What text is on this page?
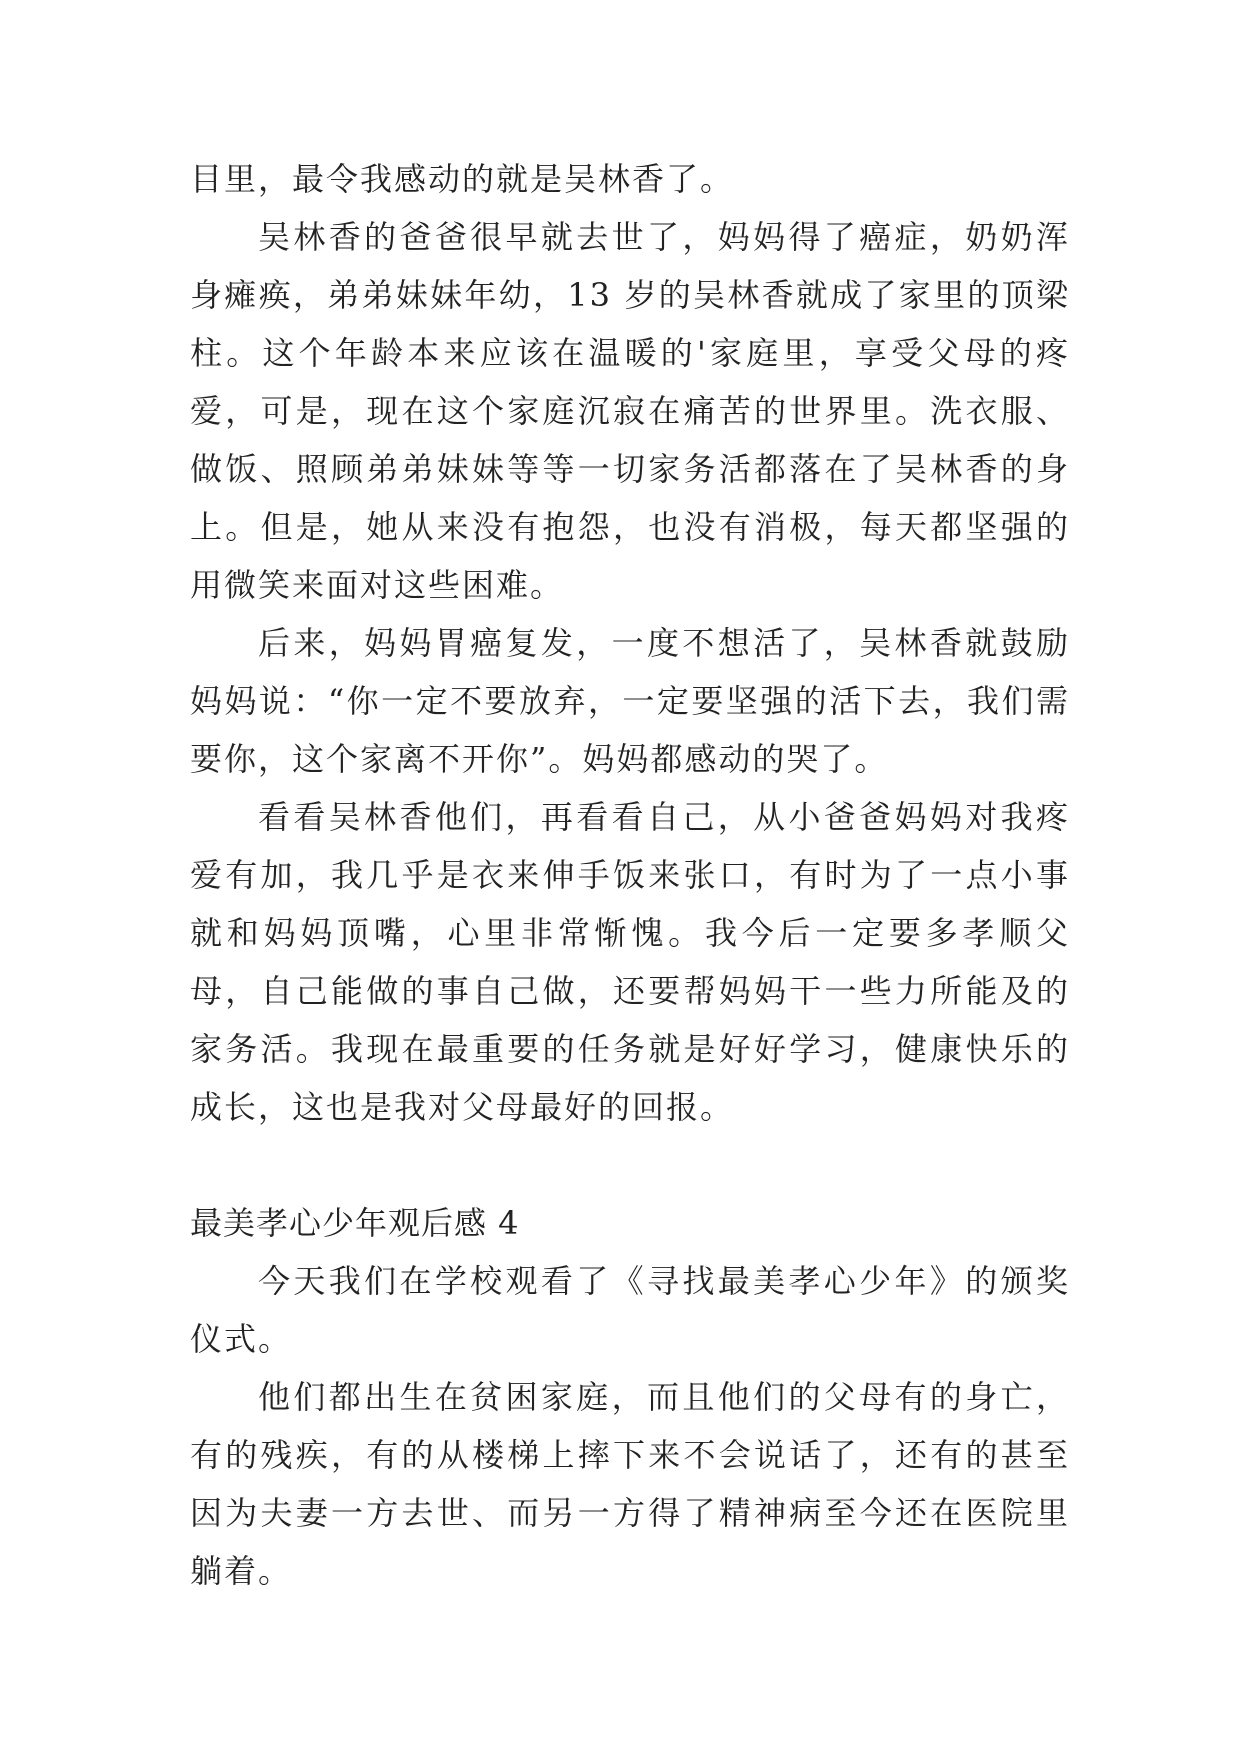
目里，最令我感动的就是吴林香了。

吴林香的爸爸很早就去世了，妈妈得了癌症，奶奶浑身瘫痪，弟弟妹妹年幼，13 岁的吴林香就成了家里的顶梁柱。这个年龄本来应该在温暖的'家庭里，享受父母的疼爱，可是，现在这个家庭沉寂在痛苦的世界里。洗衣服、做饭、照顾弟弟妹妹等等一切家务活都落在了吴林香的身上。但是，她从来没有抱怨，也没有消极，每天都坚强的用微笑来面对这些困难。

后来，妈妈胃癌复发，一度不想活了，吴林香就鼓励妈妈说：“你一定不要放弃，一定要坚强的活下去，我们需要你，这个家离不开你”。妈妈都感动的哭了。

看看吴林香他们，再看看自己，从小爸爸妈妈对我疼爱有加，我几乎是衣来伸手饭来张口，有时为了一点小事就和妈妈顶嘴，心里非常惭愧。我今后一定要多孝顺父母，自己能做的事自己做，还要帮妈妈干一些力所能及的家务活。我现在最重要的任务就是好好学习，健康快乐的成长，这也是我对父母最好的回报。

最美孝心少年观后感 4

今天我们在学校观看了《寻找最美孝心少年》的颁奖仪式。

他们都出生在贫困家庭，而且他们的父母有的身亡，有的残疾，有的从楼梯上摔下来不会说话了，还有的甚至因为夫妻一方去世、而另一方得了精神病至今还在医院里躺着。
